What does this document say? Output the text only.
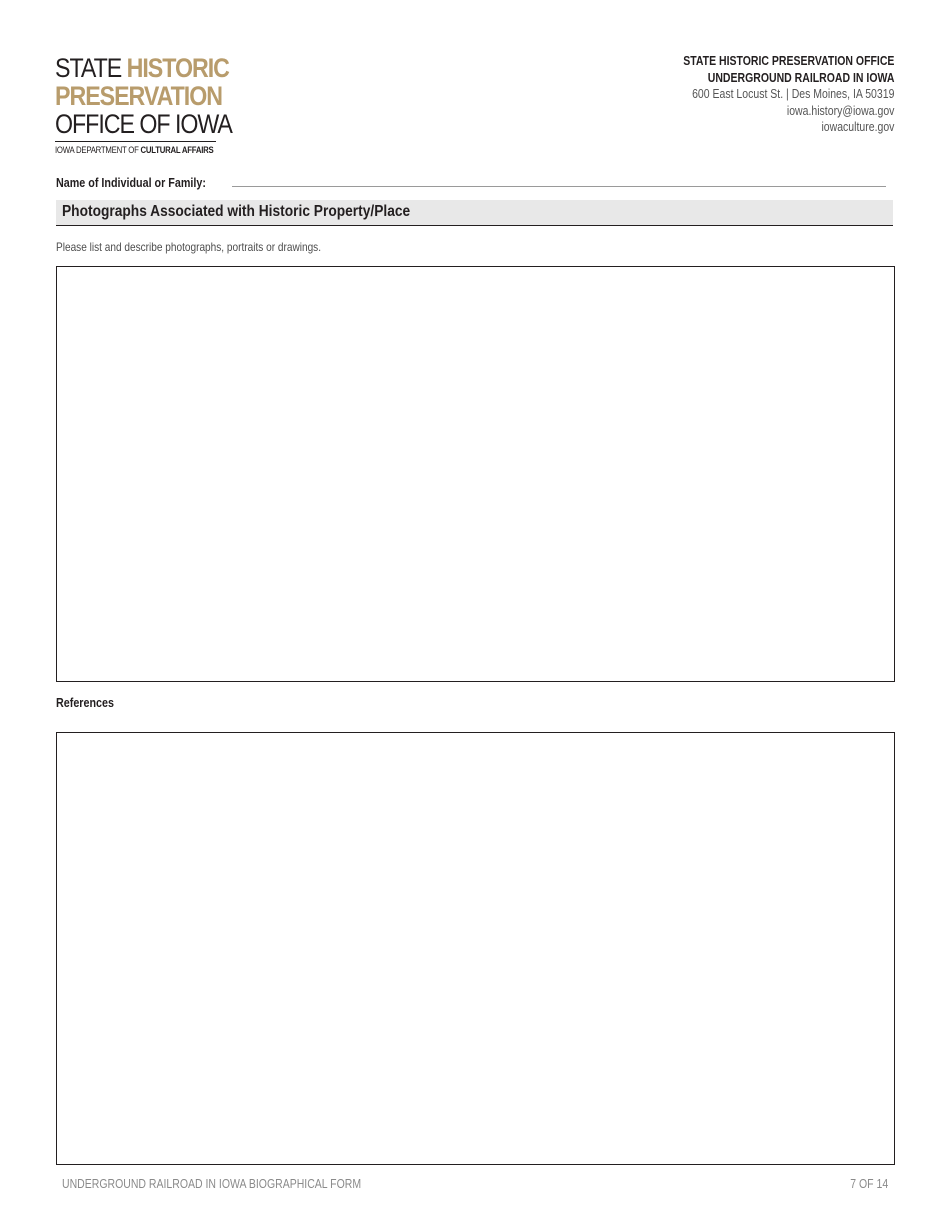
STATE HISTORIC
PRESERVATION
OFFICE OF IOWA
IOWA DEPARTMENT OF CULTURAL AFFAIRS
STATE HISTORIC PRESERVATION OFFICE
UNDERGROUND RAILROAD IN IOWA
600 East Locust St. | Des Moines, IA 50319
iowa.history@iowa.gov
iowaculture.gov
Name of Individual or Family:
Photographs Associated with Historic Property/Place
Please list and describe photographs, portraits or drawings.
References
UNDERGROUND RAILROAD IN IOWA BIOGRAPHICAL FORM	7 OF 14
